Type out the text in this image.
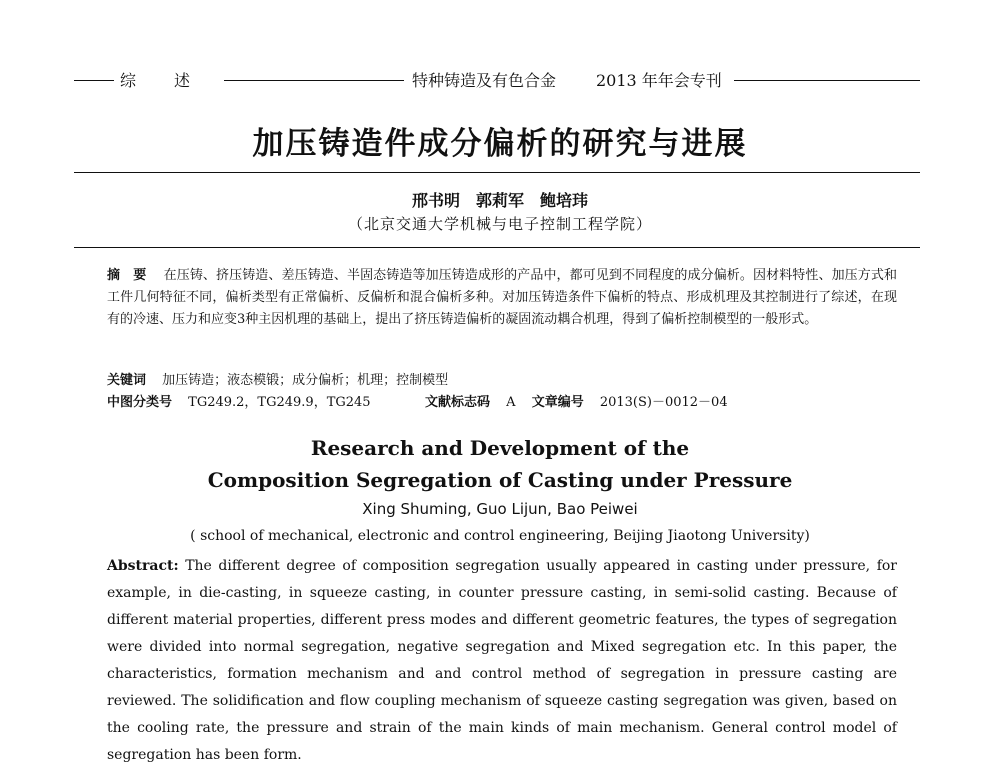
综　　述	特种铸造及有色合金 2013 年年会专刊
加压铸造件成分偏析的研究与进展
邢书明　郭莉军　鲍培玮
（北京交通大学机械与电子控制工程学院）
摘　要   在压铸、挤压铸造、差压铸造、半固态铸造等加压铸造成形的产品中，都可见到不同程度的成分偏析。因材料特性、加压方式和工件几何特征不同，偏析类型有正常偏析、反偏析和混合偏析多种。对加压铸造条件下偏析的特点、形成机理及其控制进行了综述，在现有的冷速、压力和应变3种主因机理的基础上，提出了挤压铸造偏析的凝固流动耦合机理，得到了偏析控制模型的一般形式。
关键词 加压铸造；液态模锻；成分偏析；机理；控制模型
中图分类号 TG249.2，TG249.9，TG245	文献标志码 A 文章编号 2013(S)－0012－04
Research and Development of the
Composition Segregation of Casting under Pressure
Xing Shuming, Guo Lijun, Bao Peiwei
( school of mechanical, electronic and control engineering, Beijing Jiaotong University)
Abstract: The different degree of composition segregation usually appeared in casting under pressure, for example, in die-casting, in squeeze casting, in counter pressure casting, in semi-solid casting. Because of different material properties, different press modes and different geometric features, the types of segregation were divided into normal segregation, negative segregation and Mixed segregation etc. In this paper, the characteristics, formation mechanism and and control method of segregation in pressure casting are reviewed. The solidification and flow coupling mechanism of squeeze casting segregation was given, based on the cooling rate, the pressure and strain of the main kinds of main mechanism. General control model of segregation has been form.
